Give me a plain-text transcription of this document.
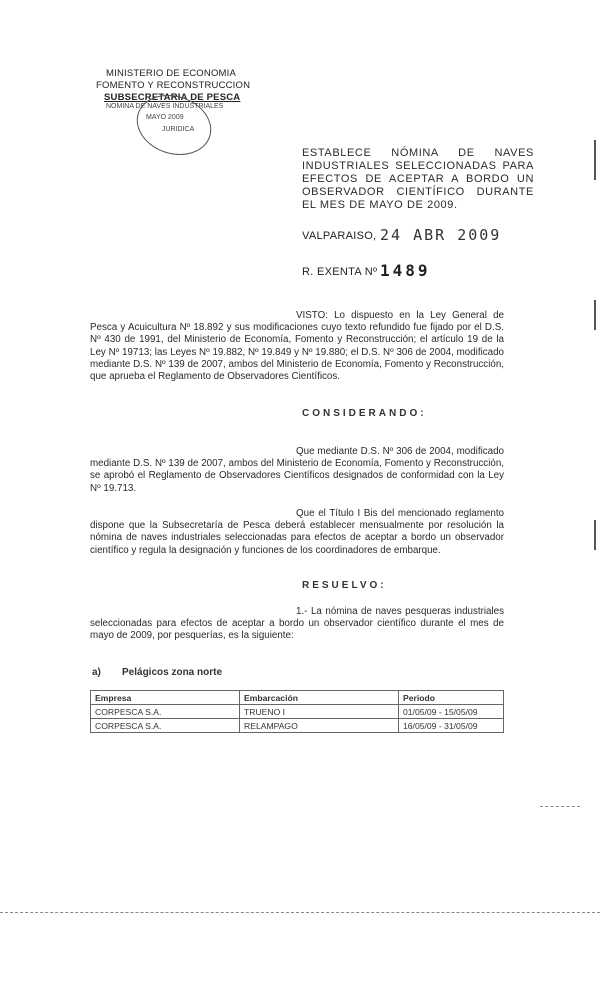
MINISTERIO DE ECONOMIA
FOMENTO Y RECONSTRUCCION
SUBSECRETARIA DE PESCA
NOMINA DE NAVES INDUSTRIALES
MAYO 2009
JURIDICA
ESTABLECE NÓMINA DE NAVES INDUSTRIALES SELECCIONADAS PARA EFECTOS DE ACEPTAR A BORDO UN OBSERVADOR CIENTÍFICO DURANTE EL MES DE MAYO DE 2009.
VALPARAISO, 24 ABR 2009
R. EXENTA Nº 1489
VISTO: Lo dispuesto en la Ley General de Pesca y Acuicultura Nº 18.892 y sus modificaciones cuyo texto refundido fue fijado por el D.S. Nº 430 de 1991, del Ministerio de Economía, Fomento y Reconstrucción; el artículo 19 de la Ley Nº 19713; las Leyes Nº 19.882, Nº 19.849 y Nº 19.880; el D.S. Nº 306 de 2004, modificado mediante D.S. Nº 139 de 2007, ambos del Ministerio de Economía, Fomento y Reconstrucción, que aprueba el Reglamento de Observadores Científicos.
CONSIDERANDO:
Que mediante D.S. Nº 306 de 2004, modificado mediante D.S. Nº 139 de 2007, ambos del Ministerio de Economía, Fomento y Reconstrucción, se aprobó el Reglamento de Observadores Científicos designados de conformidad con la Ley Nº 19.713.
Que el Título I Bis del mencionado reglamento dispone que la Subsecretaría de Pesca deberá establecer mensualmente por resolución la nómina de naves industriales seleccionadas para efectos de aceptar a bordo un observador científico y regula la designación y funciones de los coordinadores de embarque.
RESUELVO:
1.- La nómina de naves pesqueras industriales seleccionadas para efectos de aceptar a bordo un observador científico durante el mes de mayo de 2009, por pesquerías, es la siguiente:
a) Pelágicos zona norte
Empresa	Embarcación	Periodo
CORPESCA S.A.	TRUENO I	01/05/09 - 15/05/09
CORPESCA S.A.	RELAMPAGO	16/05/09 - 31/05/09
